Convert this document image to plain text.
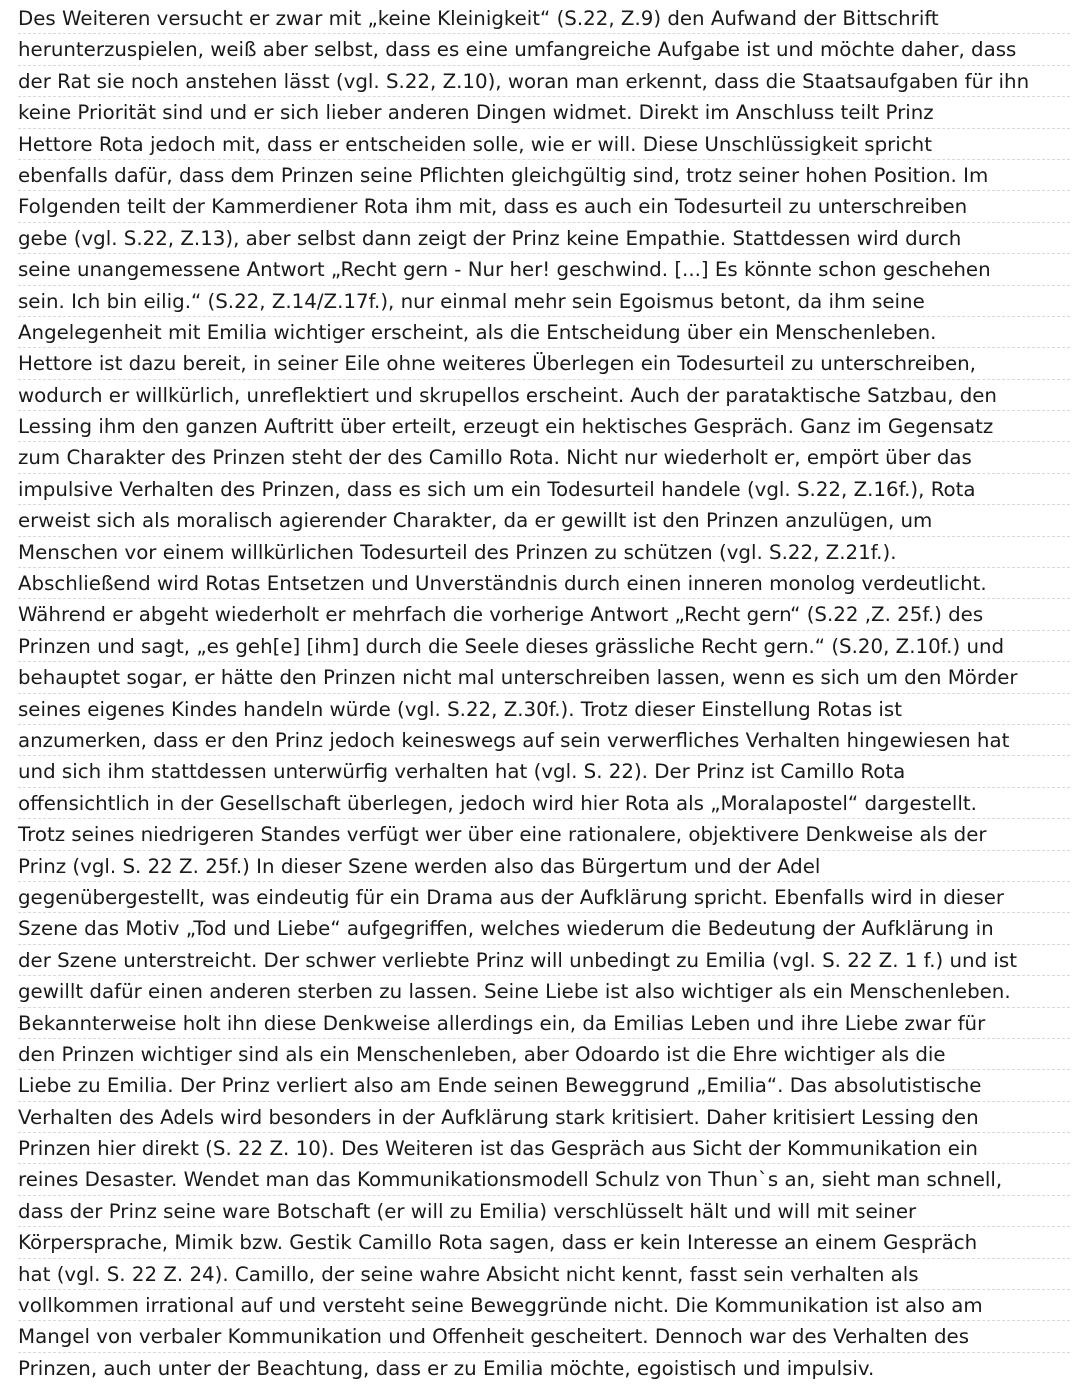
Des Weiteren versucht er zwar mit „keine Kleinigkeit“ (S.22, Z.9) den Aufwand der Bittschrift
herunterzuspielen, weiß aber selbst, dass es eine umfangreiche Aufgabe ist und möchte daher, dass
der Rat sie noch anstehen lässt (vgl. S.22, Z.10), woran man erkennt, dass die Staatsaufgaben für ihn
keine Priorität sind und er sich lieber anderen Dingen widmet. Direkt im Anschluss teilt Prinz
Hettore Rota jedoch mit, dass er entscheiden solle, wie er will. Diese Unschlüssigkeit spricht
ebenfalls dafür, dass dem Prinzen seine Pflichten gleichgültig sind, trotz seiner hohen Position. Im
Folgenden teilt der Kammerdiener Rota ihm mit, dass es auch ein Todesurteil zu unterschreiben
gebe (vgl. S.22, Z.13), aber selbst dann zeigt der Prinz keine Empathie. Stattdessen wird durch
seine unangemessene Antwort „Recht gern - Nur her! geschwind. [...] Es könnte schon geschehen
sein. Ich bin eilig.“ (S.22, Z.14/Z.17f.), nur einmal mehr sein Egoismus betont, da ihm seine
Angelegenheit mit Emilia wichtiger erscheint, als die Entscheidung über ein Menschenleben.
Hettore ist dazu bereit, in seiner Eile ohne weiteres Überlegen ein Todesurteil zu unterschreiben,
wodurch er willkürlich, unreflektiert und skrupellos erscheint. Auch der parataktische Satzbau, den
Lessing ihm den ganzen Auftritt über erteilt, erzeugt ein hektisches Gespräch. Ganz im Gegensatz
zum Charakter des Prinzen steht der des Camillo Rota. Nicht nur wiederholt er, empört über das
impulsive Verhalten des Prinzen, dass es sich um ein Todesurteil handele (vgl. S.22, Z.16f.), Rota
erweist sich als moralisch agierender Charakter, da er gewillt ist den Prinzen anzulügen, um
Menschen vor einem willkürlichen Todesurteil des Prinzen zu schützen (vgl. S.22, Z.21f.).
Abschließend wird Rotas Entsetzen und Unverständnis durch einen inneren monolog verdeutlicht.
Während er abgeht wiederholt er mehrfach die vorherige Antwort „Recht gern“ (S.22 ,Z. 25f.) des
Prinzen und sagt, „es geh[e] [ihm] durch die Seele dieses grässliche Recht gern.“ (S.20, Z.10f.) und
behauptet sogar, er hätte den Prinzen nicht mal unterschreiben lassen, wenn es sich um den Mörder
seines eigenes Kindes handeln würde (vgl. S.22, Z.30f.). Trotz dieser Einstellung Rotas ist
anzumerken, dass er den Prinz jedoch keineswegs auf sein verwerfliches Verhalten hingewiesen hat
und sich ihm stattdessen unterwürfig verhalten hat (vgl. S. 22). Der Prinz ist Camillo Rota
offensichtlich in der Gesellschaft überlegen, jedoch wird hier Rota als „Moralapostel“ dargestellt.
Trotz seines niedrigeren Standes verfügt wer über eine rationalere, objektivere Denkweise als der
Prinz (vgl. S. 22 Z. 25f.) In dieser Szene werden also das Bürgertum und der Adel
gegenübergestellt, was eindeutig für ein Drama aus der Aufklärung spricht. Ebenfalls wird in dieser
Szene das Motiv „Tod und Liebe“ aufgegriffen, welches wiederum die Bedeutung der Aufklärung in
der Szene unterstreicht. Der schwer verliebte Prinz will unbedingt zu Emilia (vgl. S. 22 Z. 1 f.) und ist
gewillt dafür einen anderen sterben zu lassen. Seine Liebe ist also wichtiger als ein Menschenleben.
Bekannterweise holt ihn diese Denkweise allerdings ein, da Emilias Leben und ihre Liebe zwar für
den Prinzen wichtiger sind als ein Menschenleben, aber Odoardo ist die Ehre wichtiger als die
Liebe zu Emilia. Der Prinz verliert also am Ende seinen Beweggrund „Emilia“. Das absolutistische
Verhalten des Adels wird besonders in der Aufklärung stark kritisiert. Daher kritisiert Lessing den
Prinzen hier direkt (S. 22 Z. 10). Des Weiteren ist das Gespräch aus Sicht der Kommunikation ein
reines Desaster. Wendet man das Kommunikationsmodell Schulz von Thun`s an, sieht man schnell,
dass der Prinz seine ware Botschaft (er will zu Emilia) verschlüsselt hält und will mit seiner
Körpersprache, Mimik bzw. Gestik Camillo Rota sagen, dass er kein Interesse an einem Gespräch
hat (vgl. S. 22 Z. 24). Camillo, der seine wahre Absicht nicht kennt, fasst sein verhalten als
vollkommen irrational auf und versteht seine Beweggründe nicht. Die Kommunikation ist also am
Mangel von verbaler Kommunikation und Offenheit gescheitert. Dennoch war des Verhalten des
Prinzen, auch unter der Beachtung, dass er zu Emilia möchte, egoistisch und impulsiv.
